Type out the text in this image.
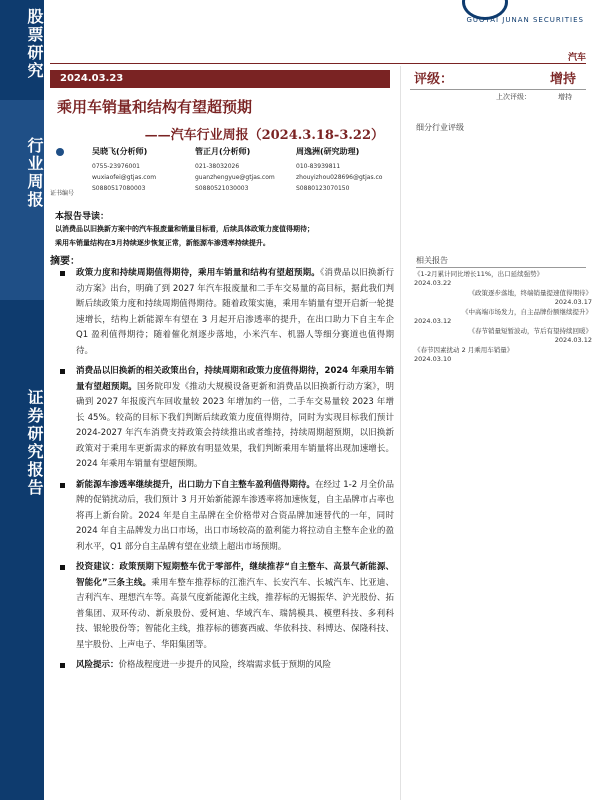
股票研究
行业周报
证券研究报告
GUOTAI JUNAN SECURITIES
汽车
2024.03.23
乘用车销量和结构有望超预期
——汽车行业周报（2024.3.18-3.22）
证书编号
吴晓飞(分析师)
0755-23976001
wuxiaofei@gtjas.com
S0880517080003
管正月(分析师)
021-38032026
guanzhengyue@gtjas.com
S0880521030003
周逸洲(研究助理)
010-83939811
zhouyizhou028696@gtjas.co
S0880123070150
评级：	增持
上次评级：	增持
细分行业评级
相关报告
《1-2月累计同比增长11%，出口延续强势》
2024.03.22
《政策逐步落地，终端销量提速值得期待》
2024.03.17
《中高端市场发力，自主品牌份额继续提升》
2024.03.12
《春节销量短暂波动，节后有望持续回暖》
2024.03.12
《春节因素扰动 2 月乘用车销量》
2024.03.10
本报告导读：
以消费品以旧换新方案中的汽车报废量和销量目标看，后续具体政策力度值得期待；
乘用车销量结构在3月持续逐步恢复正常，新能源车渗透率持续提升。
摘要：
政策力度和持续周期值得期待，乘用车销量和结构有望超预期。《消费品以旧换新行动方案》出台，明确了到 2027 年汽车报废量和二手车交易量的高目标，据此我们判断后续政策力度和持续周期值得期待。随着政策实施，乘用车销量有望开启新一轮提速增长，结构上新能源车有望在 3 月起开启渗透率的提升，在出口助力下自主车企 Q1 盈利值得期待；随着催化剂逐步落地，小米汽车、机器人等细分赛道也值得期待。
消费品以旧换新的相关政策出台，持续周期和政策力度值得期待，2024 年乘用车销量有望超预期。国务院印发《推动大规模设备更新和消费品以旧换新行动方案》，明确到 2027 年报废汽车回收量较 2023 年增加约一倍，二手车交易量较 2023 年增长 45%。较高的目标下我们判断后续政策力度值得期待，同时为实现目标我们预计 2024-2027 年汽车消费支持政策会持续推出或者维持，持续周期超预期，以旧换新政策对于乘用车更新需求的释放有明显效果，我们判断乘用车销量将出现加速增长。2024 年乘用车销量有望超预期。
新能源车渗透率继续提升，出口助力下自主整车盈利值得期待。在经过 1-2 月全价品牌的促销扰动后，我们预计 3 月开始新能源车渗透率将加速恢复，自主品牌市占率也将再上新台阶。2024 年是自主品牌在全价格带对合资品牌加速替代的一年，同时 2024 年自主品牌发力出口市场，出口市场较高的盈利能力将拉动自主整车企业的盈利水平，Q1 部分自主品牌有望在业绩上超出市场预期。
投资建议：政策预期下短期整车优于零部件，继续推荐“自主整车、高景气新能源、智能化”三条主线。乘用车整车推荐标的江淮汽车、长安汽车、长城汽车、比亚迪、吉利汽车、理想汽车等。高景气度新能源化主线，推荐标的无锡振华、沪光股份、拓普集团、双环传动、新泉股份、爱柯迪、华域汽车、瑞鹄模具、模塑科技、多利科技、银轮股份等；智能化主线，推荐标的德赛西威、华依科技、科博达、保隆科技、星宇股份、上声电子、华阳集团等。
风险提示：价格战程度进一步提升的风险，终端需求低于预期的风险
